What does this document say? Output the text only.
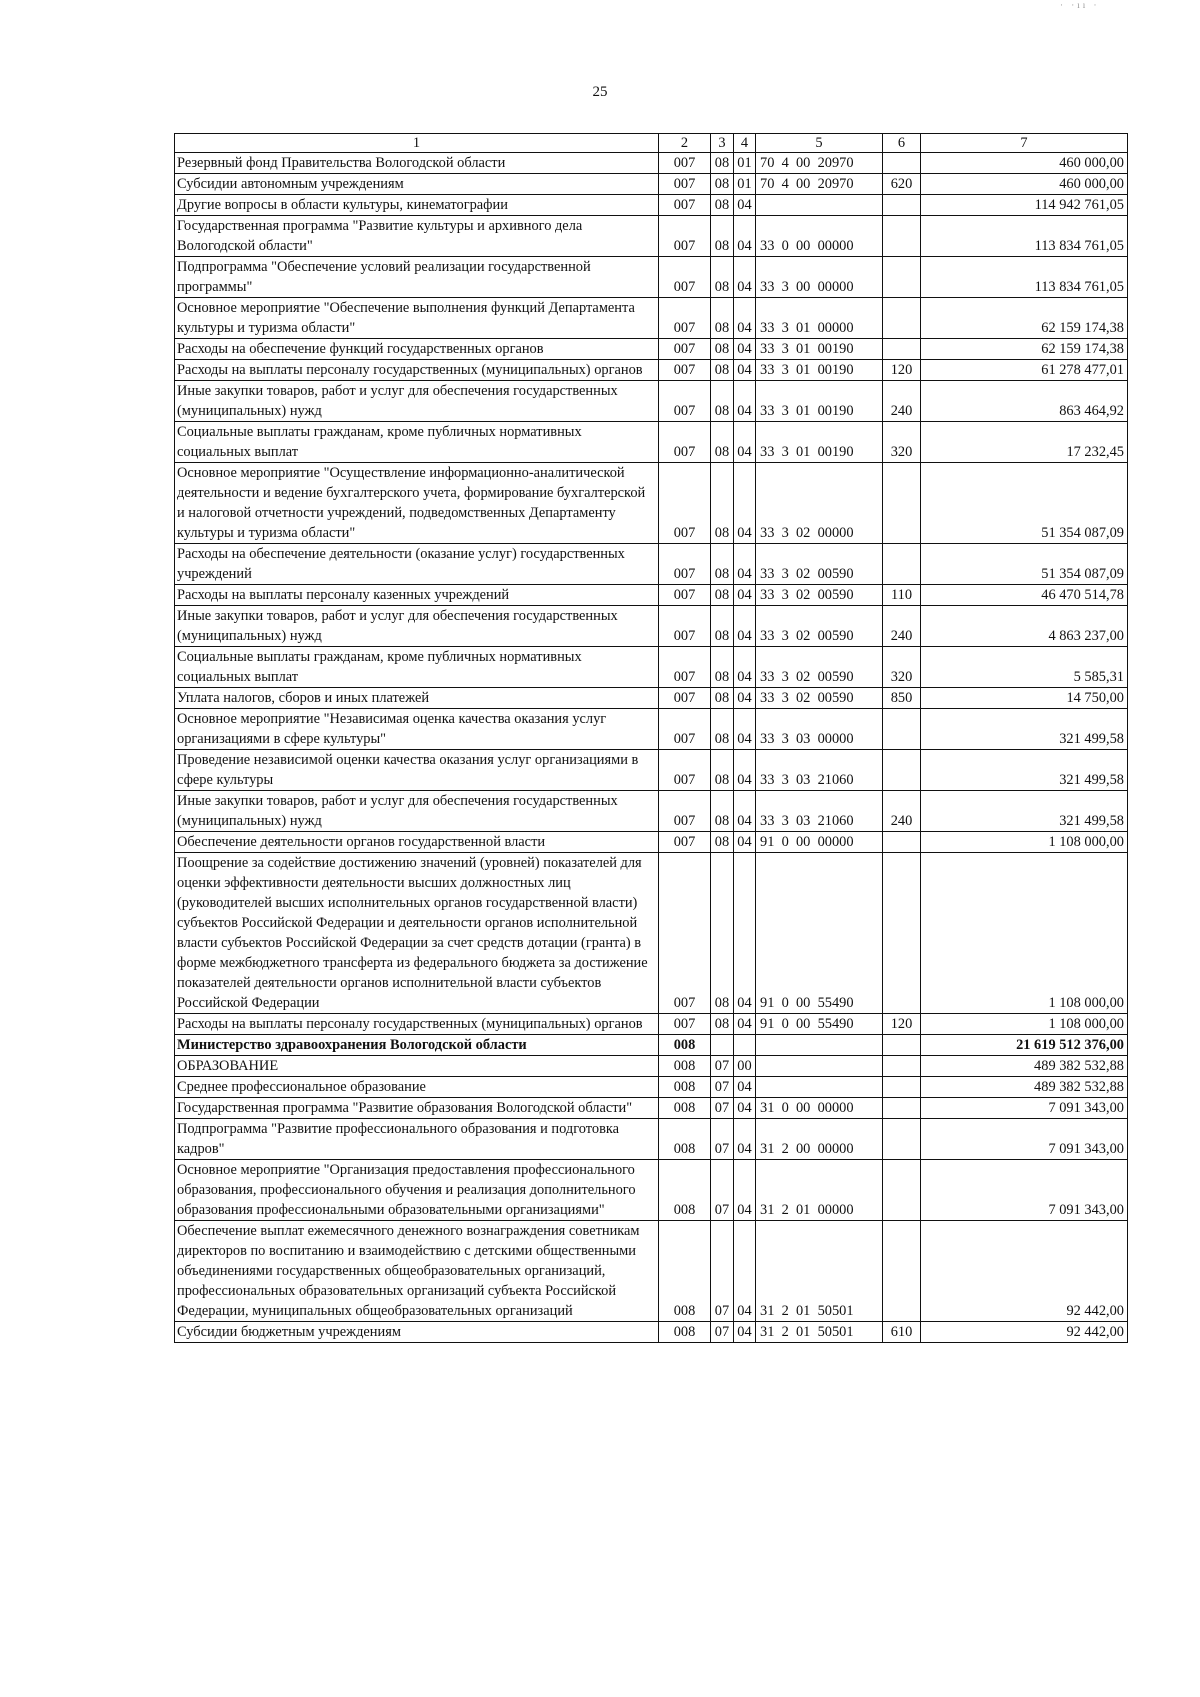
· ·ıı ·
25
1	2	3	4	5	6	7
Резервный фонд Правительства Вологодской области	007	08	01	70  4  00  20970		460 000,00
Субсидии автономным учреждениям	007	08	01	70  4  00  20970	620	460 000,00
Другие вопросы в области культуры, кинематографии	007	08	04			114 942 761,05
Государственная программа "Развитие культуры и архивного дела Вологодской области"	007	08	04	33  0  00  00000		113 834 761,05
Подпрограмма "Обеспечение условий реализации государственной программы"	007	08	04	33  3  00  00000		113 834 761,05
Основное мероприятие "Обеспечение выполнения функций Департамента культуры и туризма области"	007	08	04	33  3  01  00000		62 159 174,38
Расходы на обеспечение функций государственных органов	007	08	04	33  3  01  00190		62 159 174,38
Расходы на выплаты персоналу государственных (муниципальных) органов	007	08	04	33  3  01  00190	120	61 278 477,01
Иные закупки товаров, работ и услуг для обеспечения государственных (муниципальных) нужд	007	08	04	33  3  01  00190	240	863 464,92
Социальные выплаты гражданам, кроме публичных нормативных социальных выплат	007	08	04	33  3  01  00190	320	17 232,45
Основное мероприятие "Осуществление информационно-аналитической деятельности и ведение бухгалтерского учета, формирование бухгалтерской и налоговой отчетности учреждений, подведомственных Департаменту культуры и туризма области"	007	08	04	33  3  02  00000		51 354 087,09
Расходы на обеспечение деятельности (оказание услуг) государственных учреждений	007	08	04	33  3  02  00590		51 354 087,09
Расходы на выплаты персоналу казенных учреждений	007	08	04	33  3  02  00590	110	46 470 514,78
Иные закупки товаров, работ и услуг для обеспечения государственных (муниципальных) нужд	007	08	04	33  3  02  00590	240	4 863 237,00
Социальные выплаты гражданам, кроме публичных нормативных социальных выплат	007	08	04	33  3  02  00590	320	5 585,31
Уплата налогов, сборов и иных платежей	007	08	04	33  3  02  00590	850	14 750,00
Основное мероприятие "Независимая оценка качества оказания услуг организациями в сфере культуры"	007	08	04	33  3  03  00000		321 499,58
Проведение независимой оценки качества оказания услуг организациями в сфере культуры	007	08	04	33  3  03  21060		321 499,58
Иные закупки товаров, работ и услуг для обеспечения государственных (муниципальных) нужд	007	08	04	33  3  03  21060	240	321 499,58
Обеспечение деятельности органов государственной власти	007	08	04	91  0  00  00000		1 108 000,00
Поощрение за содействие достижению значений (уровней) показателей для оценки эффективности деятельности высших должностных лиц (руководителей высших исполнительных органов государственной власти) субъектов Российской Федерации и деятельности органов исполнительной власти субъектов Российской Федерации за счет средств дотации (гранта) в форме межбюджетного трансферта из федерального бюджета за достижение показателей деятельности органов исполнительной власти субъектов Российской Федерации	007	08	04	91  0  00  55490		1 108 000,00
Расходы на выплаты персоналу государственных (муниципальных) органов	007	08	04	91  0  00  55490	120	1 108 000,00
Министерство здравоохранения Вологодской области	008					21 619 512 376,00
ОБРАЗОВАНИЕ	008	07	00			489 382 532,88
Среднее профессиональное образование	008	07	04			489 382 532,88
Государственная программа "Развитие образования Вологодской области"	008	07	04	31  0  00  00000		7 091 343,00
Подпрограмма "Развитие профессионального образования и подготовка кадров"	008	07	04	31  2  00  00000		7 091 343,00
Основное мероприятие "Организация предоставления профессионального образования, профессионального обучения и реализация дополнительного образования профессиональными образовательными организациями"	008	07	04	31  2  01  00000		7 091 343,00
Обеспечение выплат ежемесячного денежного вознаграждения советникам директоров по воспитанию и взаимодействию с детскими общественными объединениями государственных общеобразовательных организаций, профессиональных образовательных организаций субъекта Российской Федерации, муниципальных общеобразовательных организаций	008	07	04	31  2  01  50501		92 442,00
Субсидии бюджетным учреждениям	008	07	04	31  2  01  50501	610	92 442,00
